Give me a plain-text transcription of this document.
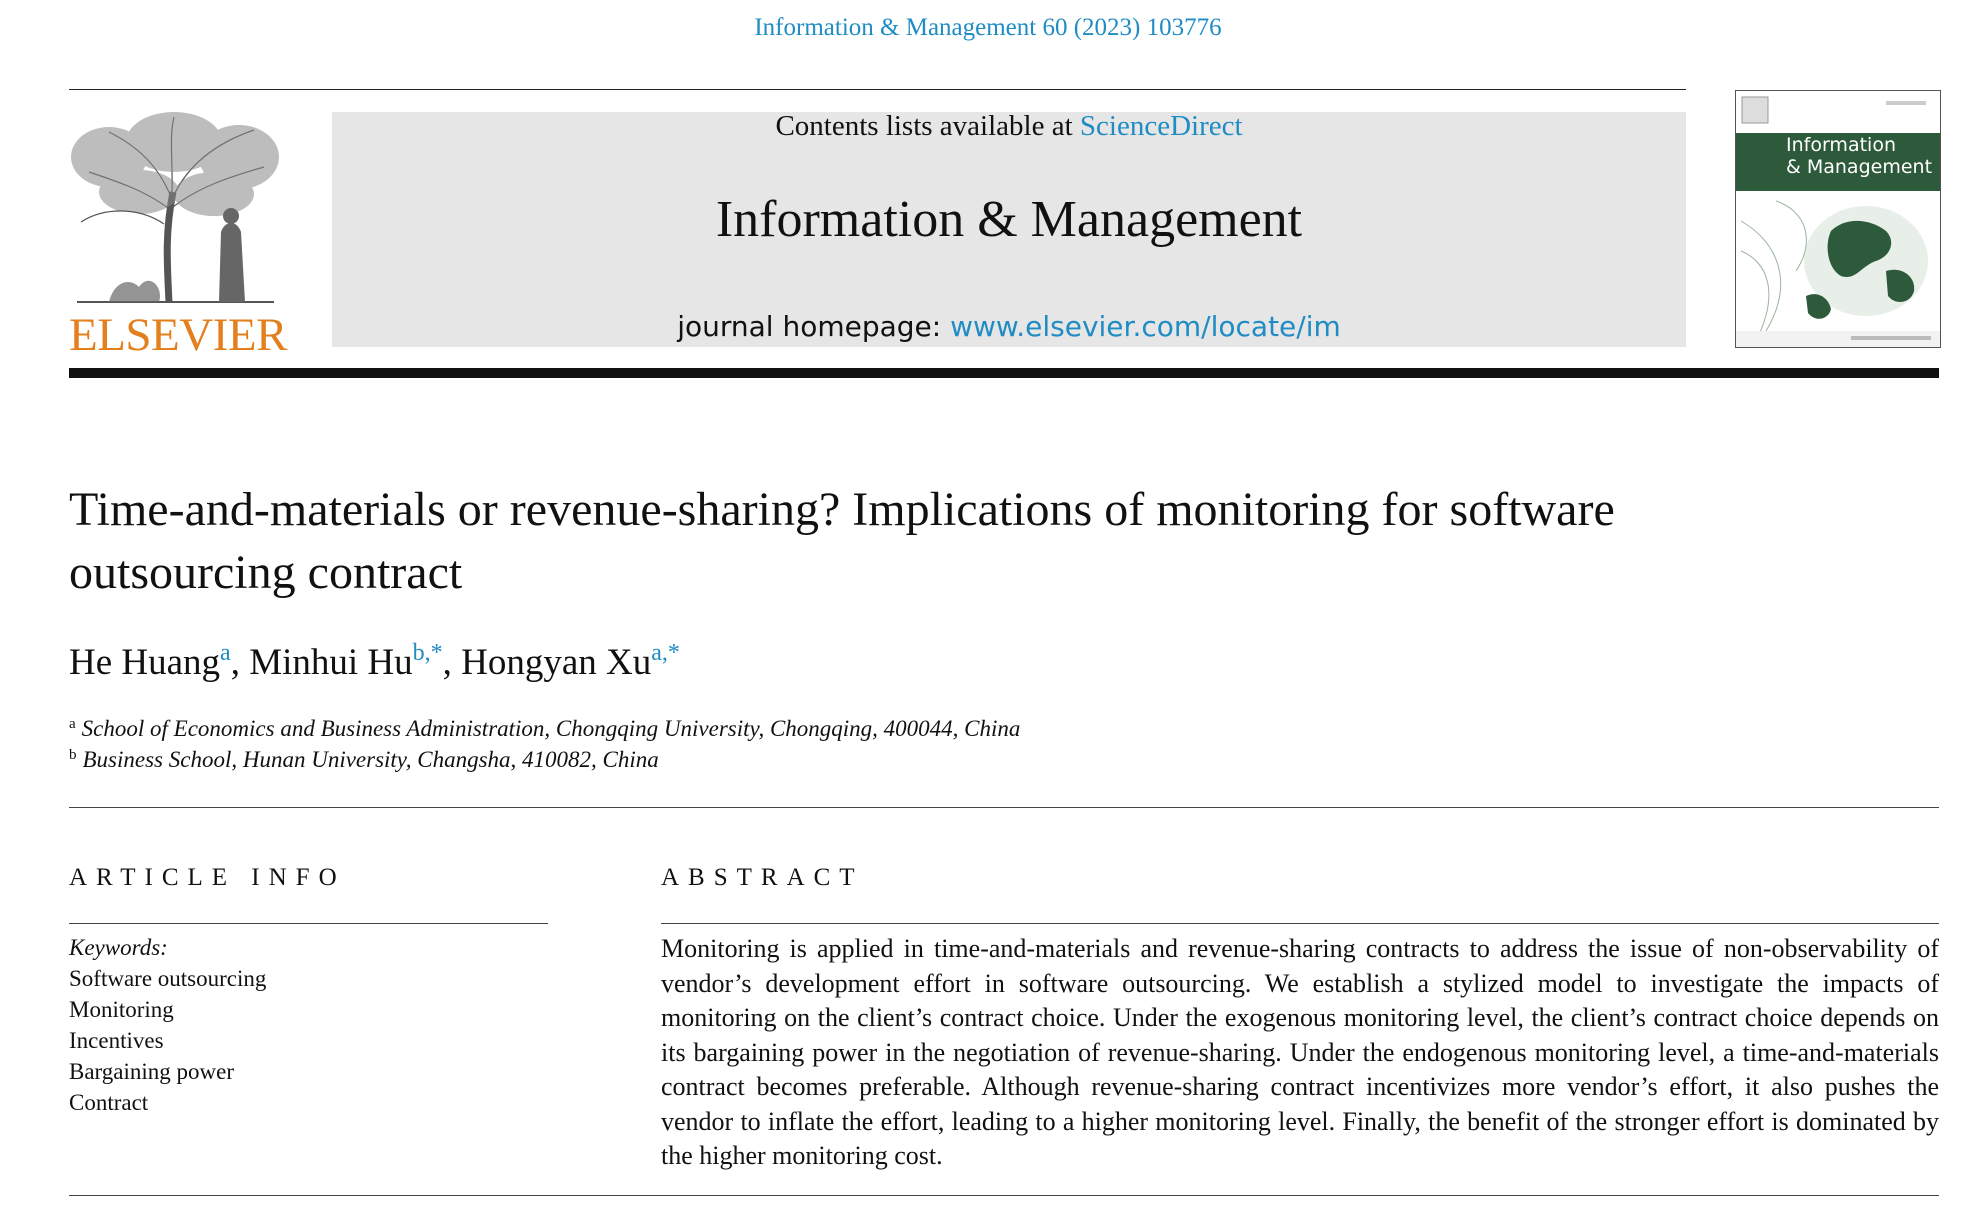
Information & Management 60 (2023) 103776
ELSEVIER
Contents lists available at ScienceDirect
Information & Management
journal homepage: www.elsevier.com/locate/im
Information
& Management
Time-and-materials or revenue-sharing? Implications of monitoring for software outsourcing contract
He Huang$^a$, Minhui $Hu^{b,*}$, Hongyan $Xu^{a,*}$
$^a$ School of Economics and Business Administration, Chongqing University, Chongqing, 400044, China
$^b$ Business School, Hunan University, Changsha, 410082, China
ARTICLE INFO
Keywords:
Software outsourcing
Monitoring
Incentives
Bargaining power
Contract
ABSTRACT
Monitoring is applied in time-and-materials and revenue-sharing contracts to address the issue of non-observability of vendor’s development effort in software outsourcing. We establish a stylized model to investigate the impacts of monitoring on the client’s contract choice. Under the exogenous monitoring level, the client’s contract choice depends on its bargaining power in the negotiation of revenue-sharing. Under the endogenous monitoring level, a time-and-materials contract becomes preferable. Although revenue-sharing contract incentivizes more vendor’s effort, it also pushes the vendor to inflate the effort, leading to a higher monitoring level. Finally, the benefit of the stronger effort is dominated by the higher monitoring cost.
